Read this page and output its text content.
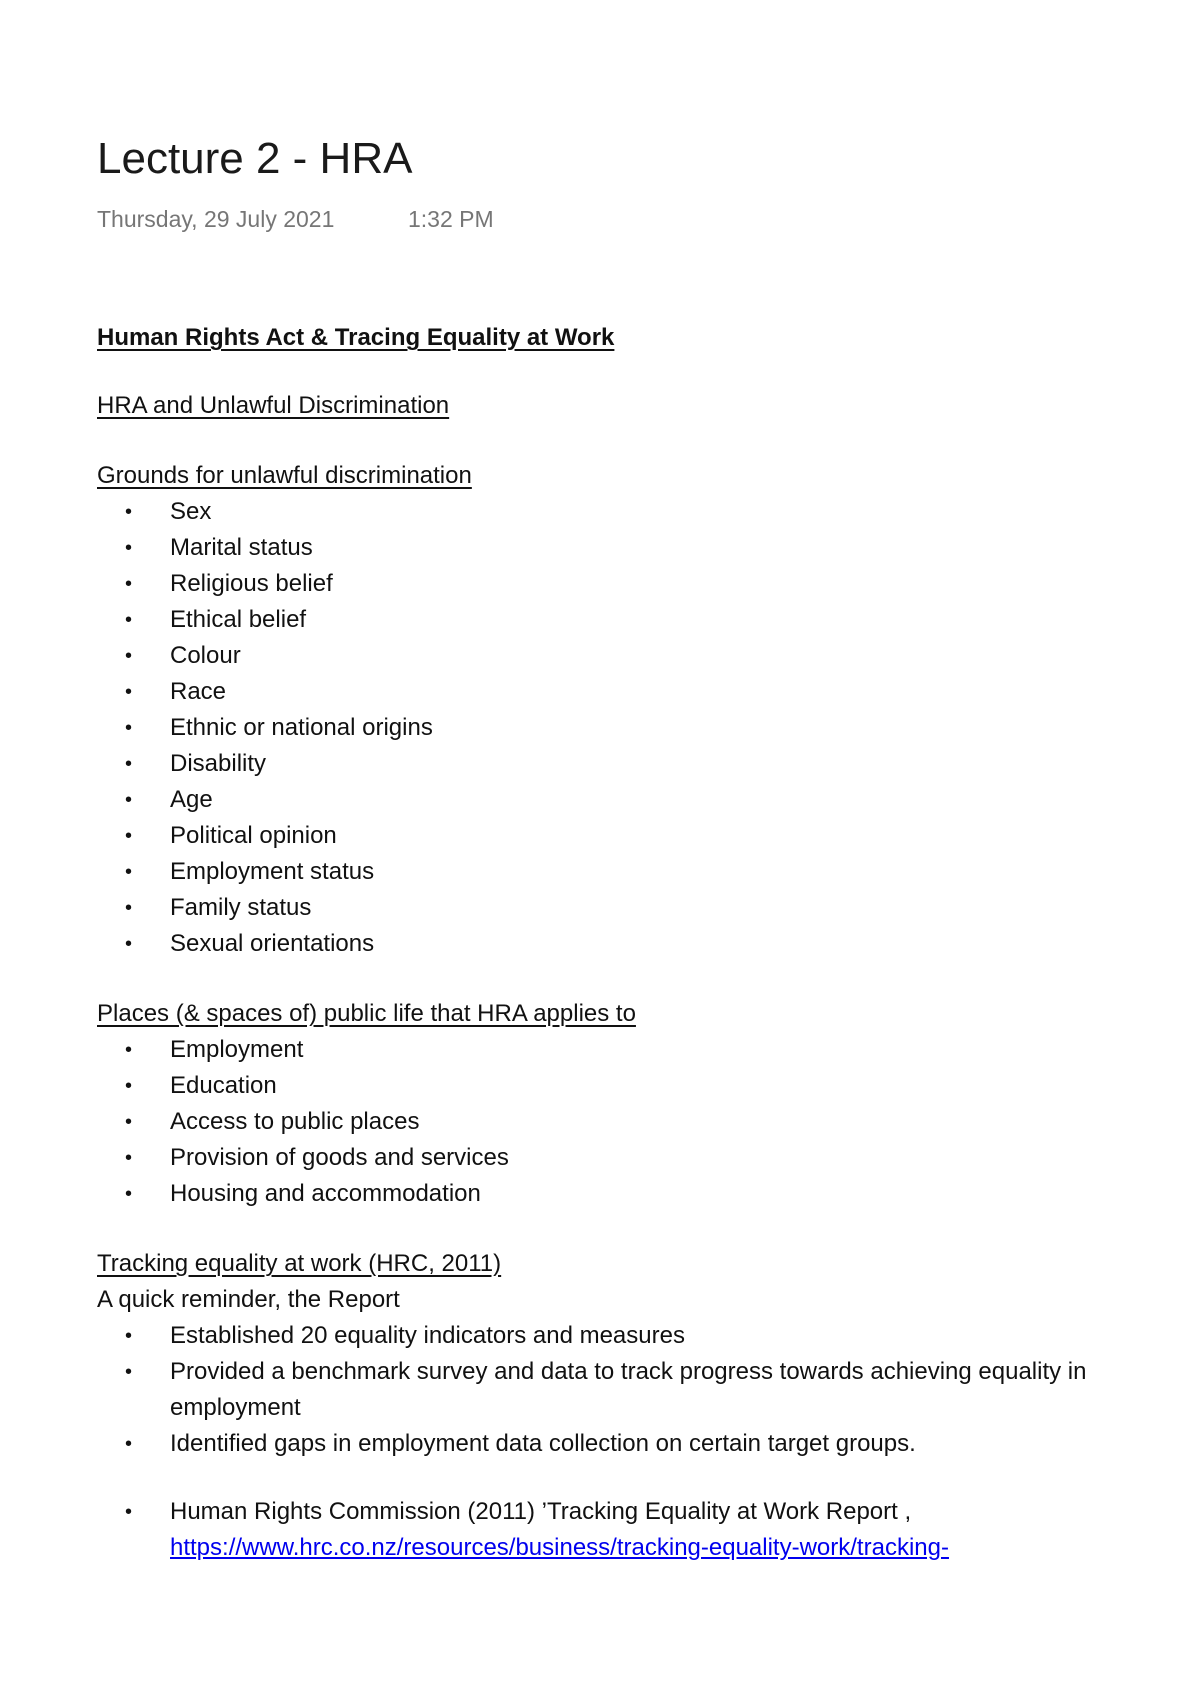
Lecture 2 - HRA
Thursday, 29 July 2021	1:32 PM

Human Rights Act & Tracing Equality at Work

HRA and Unlawful Discrimination

Grounds for unlawful discrimination

• Sex
• Marital status
• Religious belief
• Ethical belief
• Colour
• Race
• Ethnic or national origins
• Disability
• Age
• Political opinion
• Employment status
• Family status
• Sexual orientations

Places (& spaces of) public life that HRA applies to

• Employment
• Education
• Access to public places
• Provision of goods and services
• Housing and accommodation

Tracking equality at work (HRC, 2011)

A quick reminder, the Report

• Established 20 equality indicators and measures
• Provided a benchmark survey and data to track progress towards achieving equality in employment
• Identified gaps in employment data collection on certain target groups.
• Human Rights Commission (2011) ’Tracking Equality at Work Report ,
https://www.hrc.co.nz/resources/business/tracking-equality-work/tracking-
